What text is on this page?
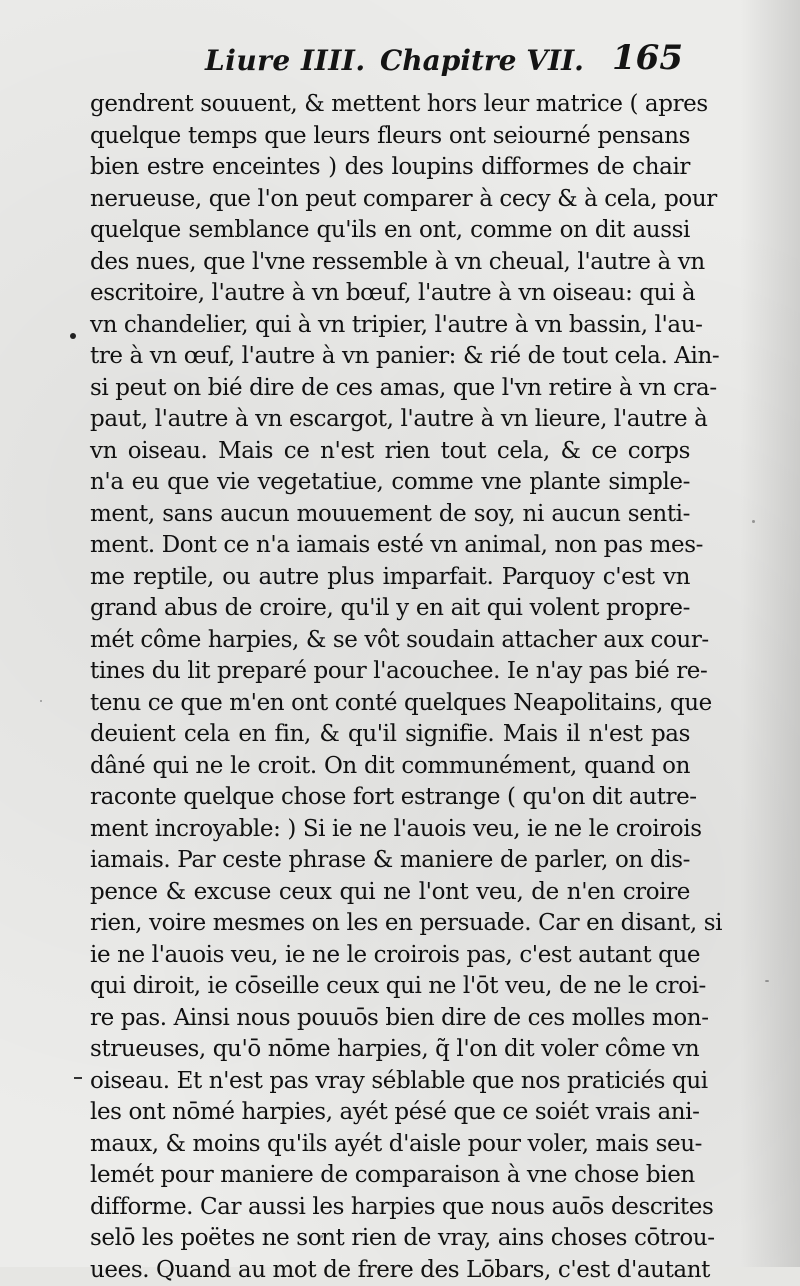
Liure IIII. Chapitre VII. 165
gendrent souuent, & mettent hors leur matrice ( apres
quelque temps que leurs fleurs ont seiourné pensans
bien estre enceintes ) des loupins difformes de chair
nerueuse, que l'on peut comparer à cecy & à cela, pour
quelque semblance qu'ils en ont, comme on dit aussi
des nues, que l'vne ressemble à vn cheual, l'autre à vn
escritoire, l'autre à vn bœuf, l'autre à vn oiseau: qui à
vn chandelier, qui à vn tripier, l'autre à vn bassin, l'au-
tre à vn œuf, l'autre à vn panier: & rié de tout cela. Ain-
si peut on bié dire de ces amas, que l'vn retire à vn cra-
paut, l'autre à vn escargot, l'autre à vn lieure, l'autre à
vn oiseau. Mais ce n'est rien tout cela, & ce corps
n'a eu que vie vegetatiue, comme vne plante simple-
ment, sans aucun mouuement de soy, ni aucun senti-
ment. Dont ce n'a iamais esté vn animal, non pas mes-
me reptile, ou autre plus imparfait. Parquoy c'est vn
grand abus de croire, qu'il y en ait qui volent propre-
mét côme harpies, & se vôt soudain attacher aux cour-
tines du lit preparé pour l'acouchee. Ie n'ay pas bié re-
tenu ce que m'en ont conté quelques Neapolitains, que
deuient cela en fin, & qu'il signifie. Mais il n'est pas
dâné qui ne le croit. On dit communément, quand on
raconte quelque chose fort estrange ( qu'on dit autre-
ment incroyable: ) Si ie ne l'auois veu, ie ne le croirois
iamais. Par ceste phrase & maniere de parler, on dis-
pence & excuse ceux qui ne l'ont veu, de n'en croire
rien, voire mesmes on les en persuade. Car en disant, si
ie ne l'auois veu, ie ne le croirois pas, c'est autant que
qui diroit, ie cōseille ceux qui ne l'ōt veu, de ne le croi-
re pas. Ainsi nous pouuōs bien dire de ces molles mon-
strueuses, qu'ō nōme harpies, q̃ l'on dit voler côme vn
oiseau. Et n'est pas vray séblable que nos praticiés qui
les ont nōmé harpies, ayét pésé que ce soiét vrais ani-
maux, & moins qu'ils ayét d'aisle pour voler, mais seu-
lemét pour maniere de comparaison à vne chose bien
difforme. Car aussi les harpies que nous auōs descrites
selō les poëtes ne sont rien de vray, ains choses cōtrou-
uees. Quand au mot de frere des Lōbars, c'est d'autant
